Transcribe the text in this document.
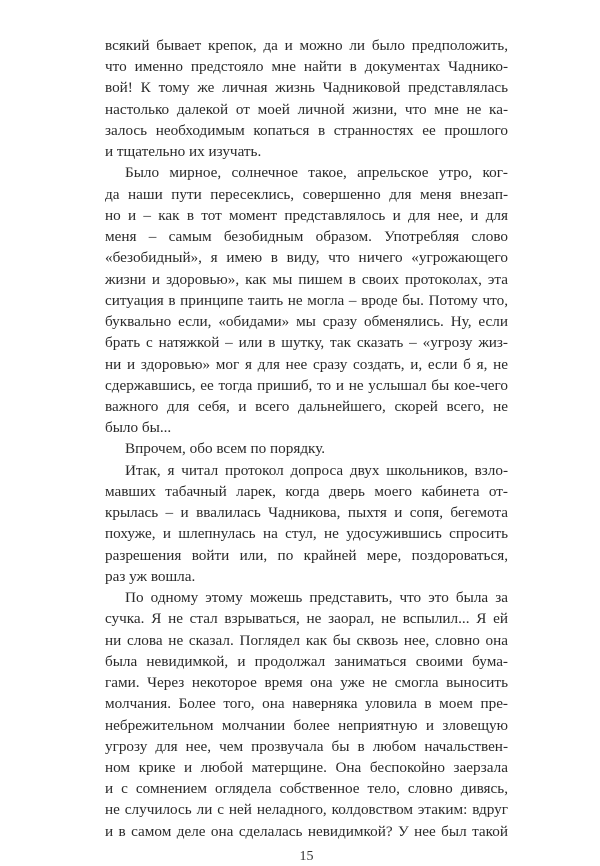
всякий бывает крепок, да и можно ли было предположить,
что именно предстояло мне найти в документах Чаднико-
вой! К тому же личная жизнь Чадниковой представлялась
настолько далекой от моей личной жизни, что мне не ка-
залось необходимым копаться в странностях ее прошлого
и тщательно их изучать.
Было мирное, солнечное такое, апрельское утро, ког-
да наши пути пересеклись, совершенно для меня внезап-
но и – как в тот момент представлялось и для нее, и для
меня – самым безобидным образом. Употребляя слово
«безобидный», я имею в виду, что ничего «угрожающего
жизни и здоровью», как мы пишем в своих протоколах, эта
ситуация в принципе таить не могла – вроде бы. Потому что,
буквально если, «обидами» мы сразу обменялись. Ну, если
брать с натяжкой – или в шутку, так сказать – «угрозу жиз-
ни и здоровью» мог я для нее сразу создать, и, если б я, не
сдержавшись, ее тогда пришиб, то и не услышал бы кое-чего
важного для себя, и всего дальнейшего, скорей всего, не
было бы...
Впрочем, обо всем по порядку.
Итак, я читал протокол допроса двух школьников, взло-
мавших табачный ларек, когда дверь моего кабинета от-
крылась – и ввалилась Чадникова, пыхтя и сопя, бегемота
похуже, и шлепнулась на стул, не удосужившись спросить
разрешения войти или, по крайней мере, поздороваться,
раз уж вошла.
По одному этому можешь представить, что это была за
сучка. Я не стал взрываться, не заорал, не вспылил... Я ей
ни слова не сказал. Поглядел как бы сквозь нее, словно она
была невидимкой, и продолжал заниматься своими бума-
гами. Через некоторое время она уже не смогла выносить
молчания. Более того, она наверняка уловила в моем пре-
небрежительном молчании более неприятную и зловещую
угрозу для нее, чем прозвучала бы в любом начальствен-
ном крике и любой матерщине. Она беспокойно заерзала
и с сомнением оглядела собственное тело, словно дивясь,
не случилось ли с ней неладного, колдовством этаким: вдруг
и в самом деле она сделалась невидимкой? У нее был такой
15
